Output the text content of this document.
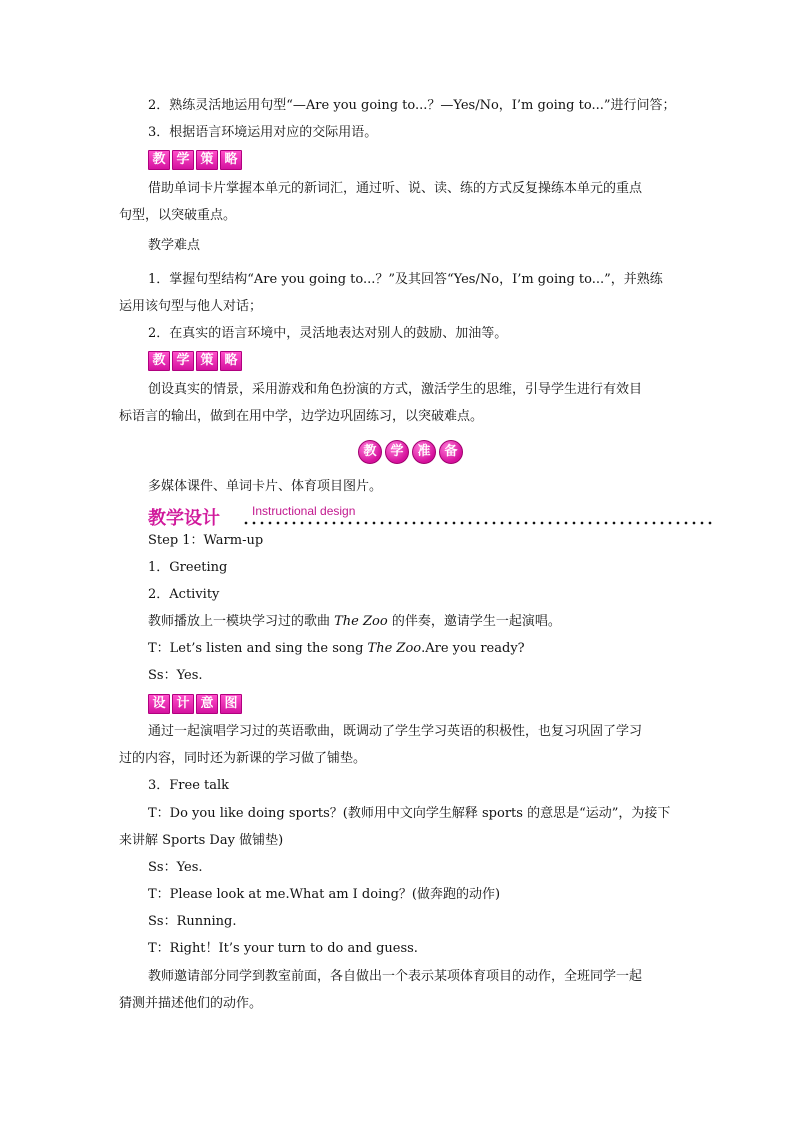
2．熟练灵活地运用句型“—Are you going to...？—Yes/No，I’m going to...”进行问答；
3．根据语言环境运用对应的交际用语。
教 学 策 略
借助单词卡片掌握本单元的新词汇，通过听、说、读、练的方式反复操练本单元的重点
句型，以突破重点。
教学难点
1．掌握句型结构“Are you going to...？”及其回答“Yes/No，I’m going to...”，并熟练
运用该句型与他人对话；
2．在真实的语言环境中，灵活地表达对别人的鼓励、加油等。
教 学 策 略
创设真实的情景，采用游戏和角色扮演的方式，激活学生的思维，引导学生进行有效目
标语言的输出，做到在用中学，边学边巩固练习，以突破难点。
教	学	准	备
多媒体课件、单词卡片、体育项目图片。
教学设计	Instructional design
Step 1：Warm-up
1．Greeting
2．Activity
教师播放上一模块学习过的歌曲 The Zoo 的伴奏，邀请学生一起演唱。
T：Let’s listen and sing the song The Zoo.Are you ready?
Ss：Yes.
设 计 意 图
通过一起演唱学习过的英语歌曲，既调动了学生学习英语的积极性，也复习巩固了学习
过的内容，同时还为新课的学习做了铺垫。
3．Free talk
T：Do you like doing sports？(教师用中文向学生解释 sports 的意思是“运动”，为接下
来讲解 Sports Day 做铺垫)
Ss：Yes.
T：Please look at me.What am I doing？(做奔跑的动作)
Ss：Running.
T：Right！It’s your turn to do and guess.
教师邀请部分同学到教室前面，各自做出一个表示某项体育项目的动作，全班同学一起
猜测并描述他们的动作。
